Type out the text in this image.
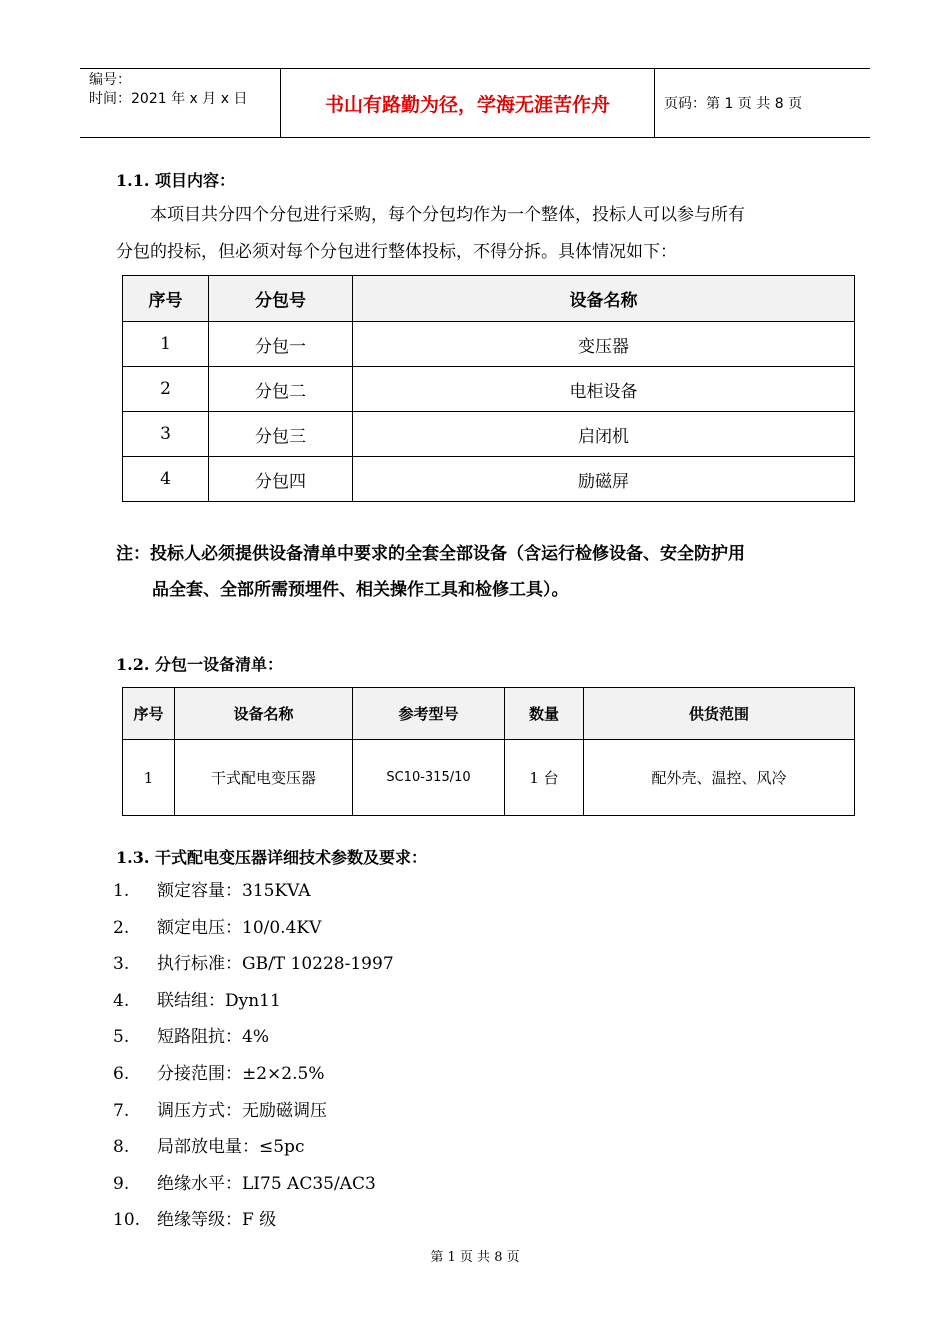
编号：
时间：2021 年 x 月 x 日	书山有路勤为径，学海无涯苦作舟	页码：第 1 页 共 8 页
1.1. 项目内容：
本项目共分四个分包进行采购，每个分包均作为一个整体，投标人可以参与所有
分包的投标，但必须对每个分包进行整体投标，不得分拆。具体情况如下：
序号	分包号	设备名称
1	分包一	变压器
2	分包二	电柜设备
3	分包三	启闭机
4	分包四	励磁屏
注：投标人必须提供设备清单中要求的全套全部设备（含运行检修设备、安全防护用
品全套、全部所需预埋件、相关操作工具和检修工具）。
1.2. 分包一设备清单：
序号	设备名称	参考型号	数量	供货范围
1	干式配电变压器	SC10-315/10	1 台	配外壳、温控、风冷
1.3. 干式配电变压器详细技术参数及要求：
1.	额定容量：315KVA
2.	额定电压：10/0.4KV
3.	执行标准：GB/T 10228-1997
4.	联结组：Dyn11
5.	短路阻抗：4%
6.	分接范围：±2×2.5%
7.	调压方式：无励磁调压
8.	局部放电量：≤5pc
9.	绝缘水平：LI75 AC35/AC3
10. 绝缘等级：F 级
第 1 页 共 8 页
